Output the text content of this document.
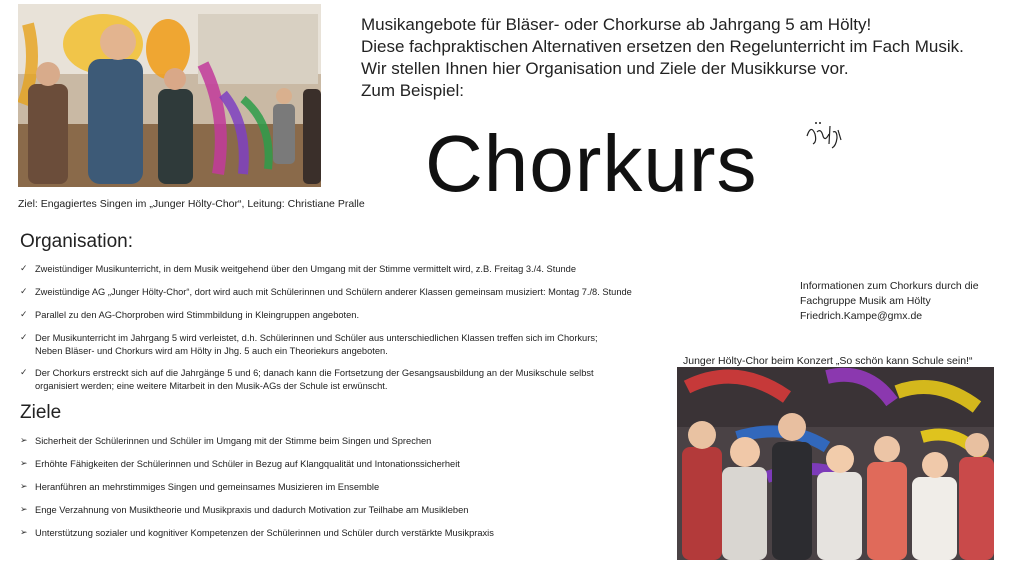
Ziel: Engagiertes Singen im „Junger Hölty-Chor“, Leitung: Christiane Pralle
Musikangebote für Bläser- oder Chorkurse ab Jahrgang 5 am Hölty!
Diese fachpraktischen Alternativen ersetzen den Regelunterricht im Fach Musik.
Wir stellen Ihnen hier Organisation und Ziele der Musikkurse vor.
Zum Beispiel:
Chorkurs
Organisation:
✓ Zweistündiger Musikunterricht, in dem Musik weitgehend über den Umgang mit der Stimme vermittelt wird, z.B. Freitag 3./4. Stunde
✓ Zweistündige AG „Junger Hölty-Chor“, dort wird auch mit Schülerinnen und Schülern anderer Klassen gemeinsam musiziert: Montag 7./8. Stunde
✓ Parallel zu den AG-Chorproben wird Stimmbildung in Kleingruppen angeboten.
✓ Der Musikunterricht im Jahrgang 5 wird verleistet, d.h. Schülerinnen und Schüler aus unterschiedlichen Klassen treffen sich im Chorkurs;
Neben Bläser- und Chorkurs wird am Hölty in Jhg. 5 auch ein Theoriekurs angeboten.
✓ Der Chorkurs erstreckt sich auf die Jahrgänge 5 und 6; danach kann die Fortsetzung der Gesangsausbildung an der Musikschule selbst
organisiert werden; eine weitere Mitarbeit in den Musik-AGs der Schule ist erwünscht.
Ziele
➢ Sicherheit der Schülerinnen und Schüler im Umgang mit der Stimme beim Singen und Sprechen
➢ Erhöhte Fähigkeiten der Schülerinnen und Schüler in Bezug auf Klangqualität und Intonationssicherheit
➢ Heranführen an mehrstimmiges Singen und gemeinsames Musizieren im Ensemble
➢ Enge Verzahnung von Musiktheorie und Musikpraxis und dadurch Motivation zur Teilhabe am Musikleben
➢ Unterstützung sozialer und kognitiver Kompetenzen der Schülerinnen und Schüler durch verstärkte Musikpraxis
Informationen zum Chorkurs durch die
Fachgruppe Musik am Hölty
Friedrich.Kampe@gmx.de
Junger Hölty-Chor beim Konzert „So schön kann Schule sein!“
